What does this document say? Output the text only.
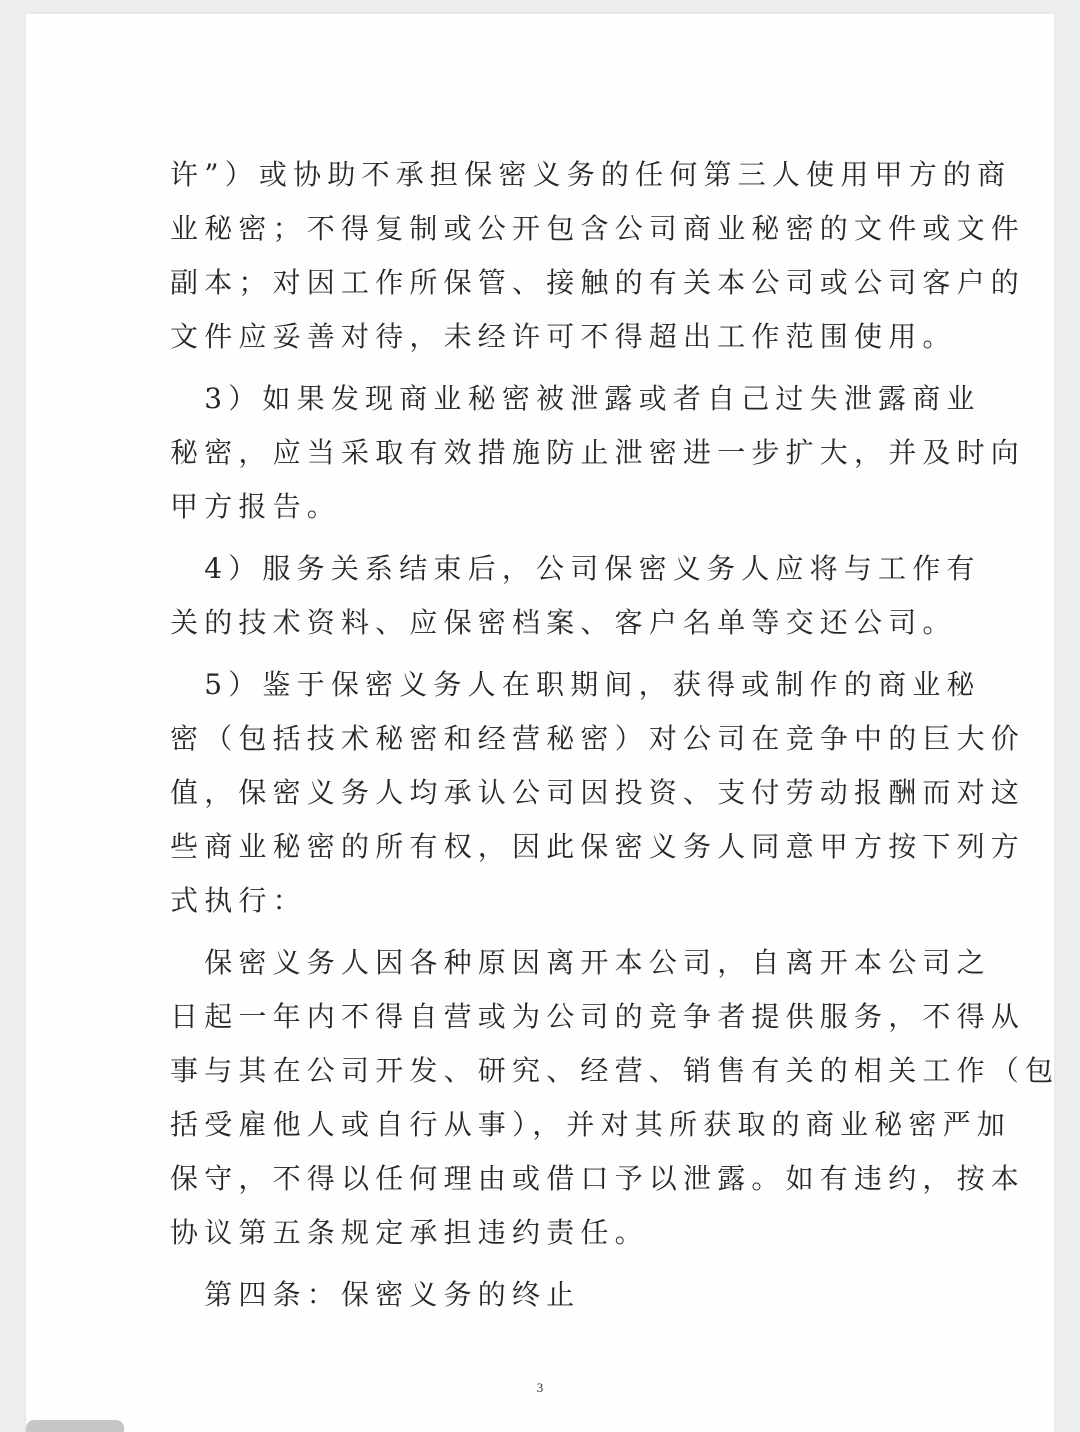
许”）或协助不承担保密义务的任何第三人使用甲方的商
业秘密；不得复制或公开包含公司商业秘密的文件或文件
副本；对因工作所保管、接触的有关本公司或公司客户的
文件应妥善对待，未经许可不得超出工作范围使用。
　3）如果发现商业秘密被泄露或者自己过失泄露商业
秘密，应当采取有效措施防止泄密进一步扩大，并及时向
甲方报告。
　4）服务关系结束后，公司保密义务人应将与工作有
关的技术资料、应保密档案、客户名单等交还公司。
　5）鉴于保密义务人在职期间，获得或制作的商业秘
密（包括技术秘密和经营秘密）对公司在竞争中的巨大价
值，保密义务人均承认公司因投资、支付劳动报酬而对这
些商业秘密的所有权，因此保密义务人同意甲方按下列方
式执行：
　保密义务人因各种原因离开本公司，自离开本公司之
日起一年内不得自营或为公司的竞争者提供服务，不得从
事与其在公司开发、研究、经营、销售有关的相关工作（包
括受雇他人或自行从事），并对其所获取的商业秘密严加
保守，不得以任何理由或借口予以泄露。如有违约，按本
协议第五条规定承担违约责任。
　第四条：保密义务的终止
3
